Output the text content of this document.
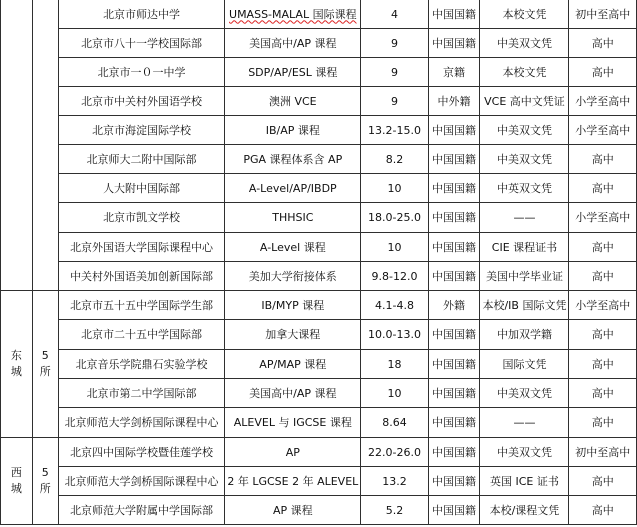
		北京市师达中学	UMASS-MALAL 国际课程	4	中国国籍	本校文凭	初中至高中
		北京市八十一学校国际部	美国高中/AP 课程	9	中国国籍	中美双文凭	高中
		北京市一０一中学	SDP/AP/ESL 课程	9	京籍	本校文凭	高中
		北京市中关村外国语学校	澳洲 VCE	9	中外籍	VCE 高中文凭证	小学至高中
		北京市海淀国际学校	IB/AP 课程	13.2-15.0	中国国籍	中美双文凭	小学至高中
		北京师大二附中国际部	PGA 课程体系含 AP	8.2	中国国籍	中美双文凭	高中
		人大附中国际部	A-Level/AP/IBDP	10	中国国籍	中英双文凭	高中
		北京市凯文学校	THHSIC	18.0-25.0	中国国籍	——	小学至高中
		北京外国语大学国际课程中心	A-Level 课程	10	中国国籍	CIE 课程证书	高中
		中关村外国语美加创新国际部	美加大学衔接体系	9.8-12.0	中国国籍	美国中学毕业证	高中
东城	5所	北京市五十五中学国际学生部	IB/MYP 课程	4.1-4.8	外籍	本校/IB 国际文凭	小学至高中
		北京市二十五中学国际部	加拿大课程	10.0-13.0	中国国籍	中加双学籍	高中
		北京音乐学院鼎石实验学校	AP/MAP 课程	18	中国国籍	国际文凭	高中
		北京市第二中学国际部	美国高中/AP 课程	10	中国国籍	中美双文凭	高中
		北京师范大学剑桥国际课程中心	ALEVEL 与 IGCSE 课程	8.64	中国国籍	——	高中
西城	5所	北京四中国际学校暨佳莲学校	AP	22.0-26.0	中国国籍	中美双文凭	初中至高中
		北京师范大学剑桥国际课程中心	2 年 LGCSE 2 年 ALEVEL	13.2	中国国籍	英国 ICE 证书	高中
		北京师范大学附属中学国际部	AP 课程	5.2	中国国籍	本校/课程文凭	高中
